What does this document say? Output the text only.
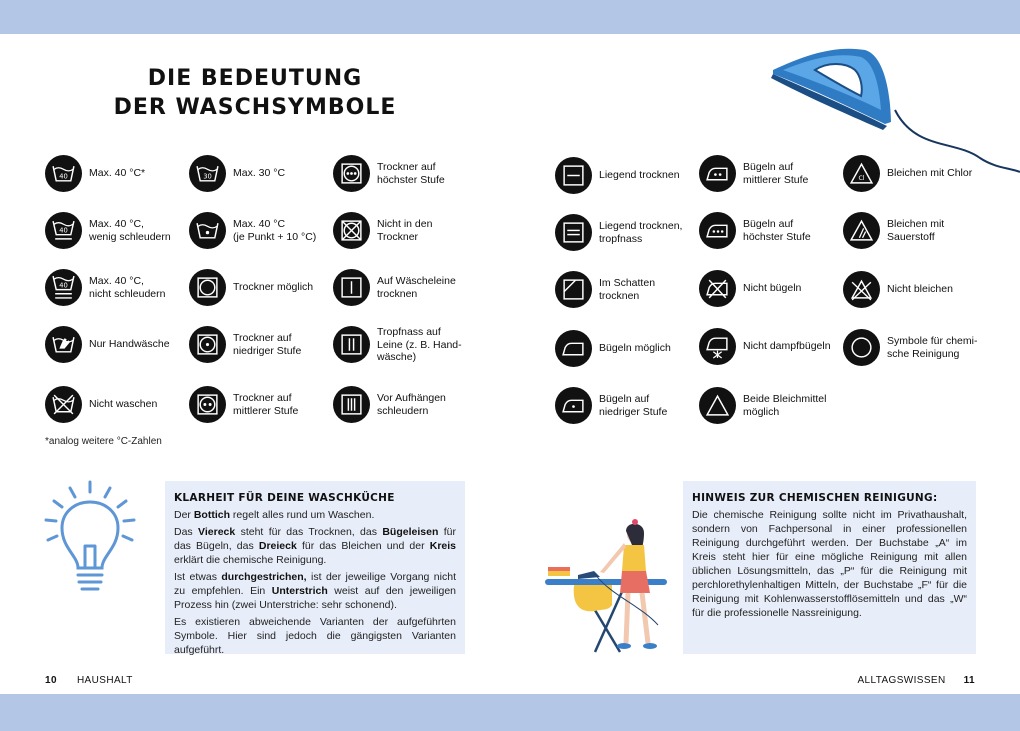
DIE BEDEUTUNG
DER WASCHSYMBOLE
40 Max. 40 °C*
40
Max. 40 °C,
wenig schleudern
40 Max. 40 °C,
nicht schleudern
Nur Handwäsche
Nicht waschen
30 Max. 30 °C
Max. 40 °C
(je Punkt + 10 °C)
Trockner möglich
Trockner auf
niedriger Stufe
Trockner auf
mittlerer Stufe
Trockner auf
höchster Stufe
Nicht in den
Trockner
Auf Wäscheleine
trocknen
Tropfnass auf
Leine (z. B. Hand-
wäsche)
Vor Aufhängen
schleudern
Liegend trocknen
Liegend trocknen,
tropfnass
Im Schatten
trocknen
Bügeln möglich
Bügeln auf
niedriger Stufe
Bügeln auf
mittlerer Stufe
Bügeln auf
höchster Stufe
Nicht bügeln
Nicht dampfbügeln
Beide Bleichmittel
möglich
Cl Bleichen mit Chlor
Bleichen mit
Sauerstoff
Nicht bleichen
Symbole für chemi-
sche Reinigung
*analog weitere °C-Zahlen
KLARHEIT FÜR DEINE WASCHKÜCHE

Der Bottich regelt alles rund um Waschen.

Das Viereck steht für das Trocknen, das Bügeleisen für das Bügeln, das Dreieck für das Bleichen und der Kreis erklärt die chemische Reinigung.

Ist etwas durchgestrichen, ist der jeweilige Vorgang nicht zu empfehlen. Ein Unterstrich weist auf den jeweiligen Prozess hin (zwei Unterstriche: sehr schonend).

Es existieren abweichende Varianten der aufgeführten Symbole. Hier sind jedoch die gängigsten Varianten aufgeführt.

HINWEIS ZUR CHEMISCHEN REINIGUNG:

Die chemische Reinigung sollte nicht im Privathaushalt, sondern von Fachpersonal in einer professionellen Reinigung durchgeführt werden. Der Buchstabe „A“ im Kreis steht hier für eine mögliche Reinigung mit allen üblichen Lösungsmitteln, das „P“ für die Reinigung mit perchlorethylenhaltigen Mitteln, der Buchstabe „F“ für die Reinigung mit Kohlenwasserstofflösemitteln und das „W“ für die professionelle Nassreinigung.

10 HAUSHALT	ALLTAGSWISSEN 11
